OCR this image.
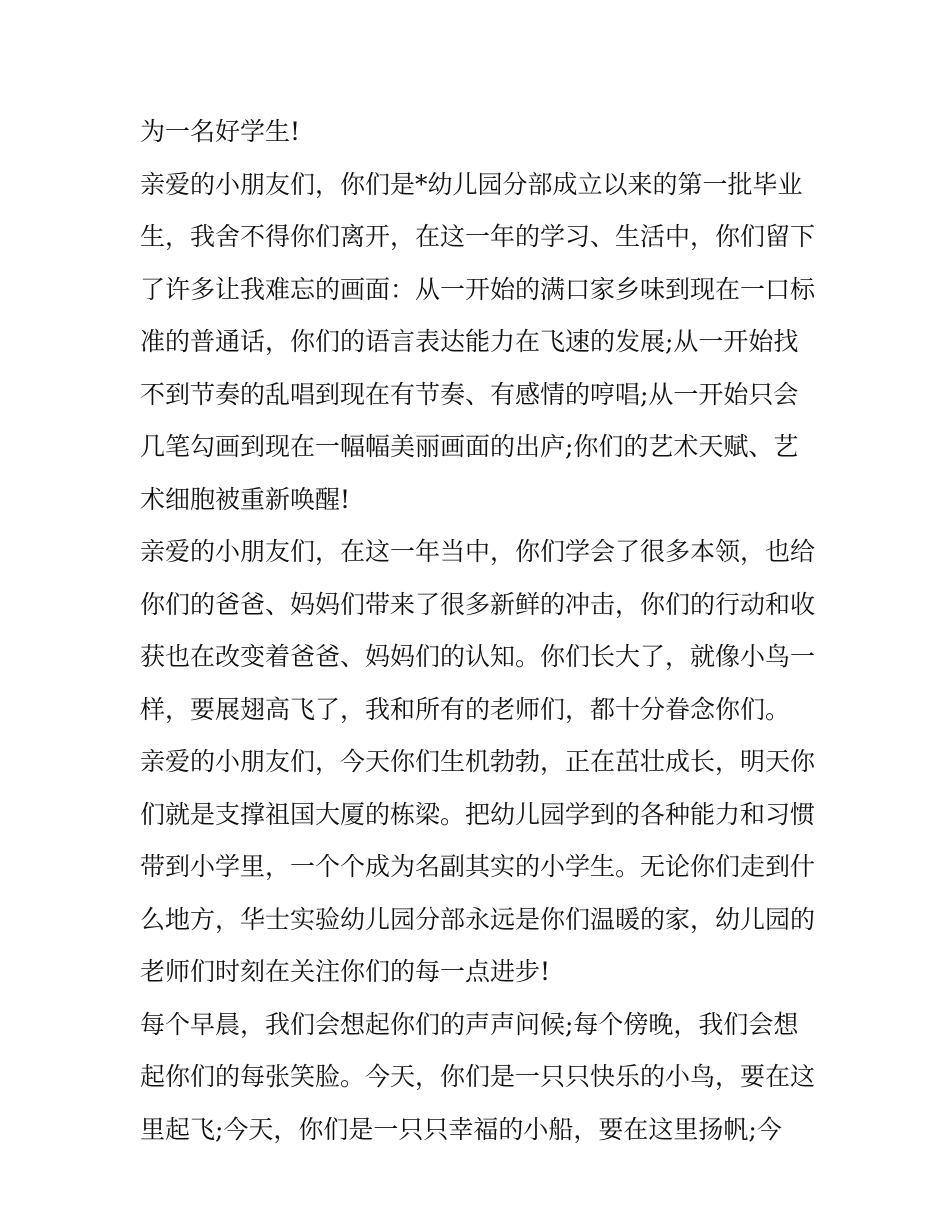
为一名好学生!
亲爱的小朋友们，你们是*幼儿园分部成立以来的第一批毕业
生，我舍不得你们离开，在这一年的学习、生活中，你们留下
了许多让我难忘的画面：从一开始的满口家乡味到现在一口标
准的普通话，你们的语言表达能力在飞速的发展;从一开始找
不到节奏的乱唱到现在有节奏、有感情的哼唱;从一开始只会
几笔勾画到现在一幅幅美丽画面的出庐;你们的艺术天赋、艺
术细胞被重新唤醒!
亲爱的小朋友们，在这一年当中，你们学会了很多本领，也给
你们的爸爸、妈妈们带来了很多新鲜的冲击，你们的行动和收
获也在改变着爸爸、妈妈们的认知。你们长大了，就像小鸟一
样，要展翅高飞了，我和所有的老师们，都十分眷念你们。
亲爱的小朋友们，今天你们生机勃勃，正在茁壮成长，明天你
们就是支撑祖国大厦的栋梁。把幼儿园学到的各种能力和习惯
带到小学里，一个个成为名副其实的小学生。无论你们走到什
么地方，华士实验幼儿园分部永远是你们温暖的家，幼儿园的
老师们时刻在关注你们的每一点进步!
每个早晨，我们会想起你们的声声问候;每个傍晚，我们会想
起你们的每张笑脸。今天，你们是一只只快乐的小鸟，要在这
里起飞;今天，你们是一只只幸福的小船，要在这里扬帆;今
